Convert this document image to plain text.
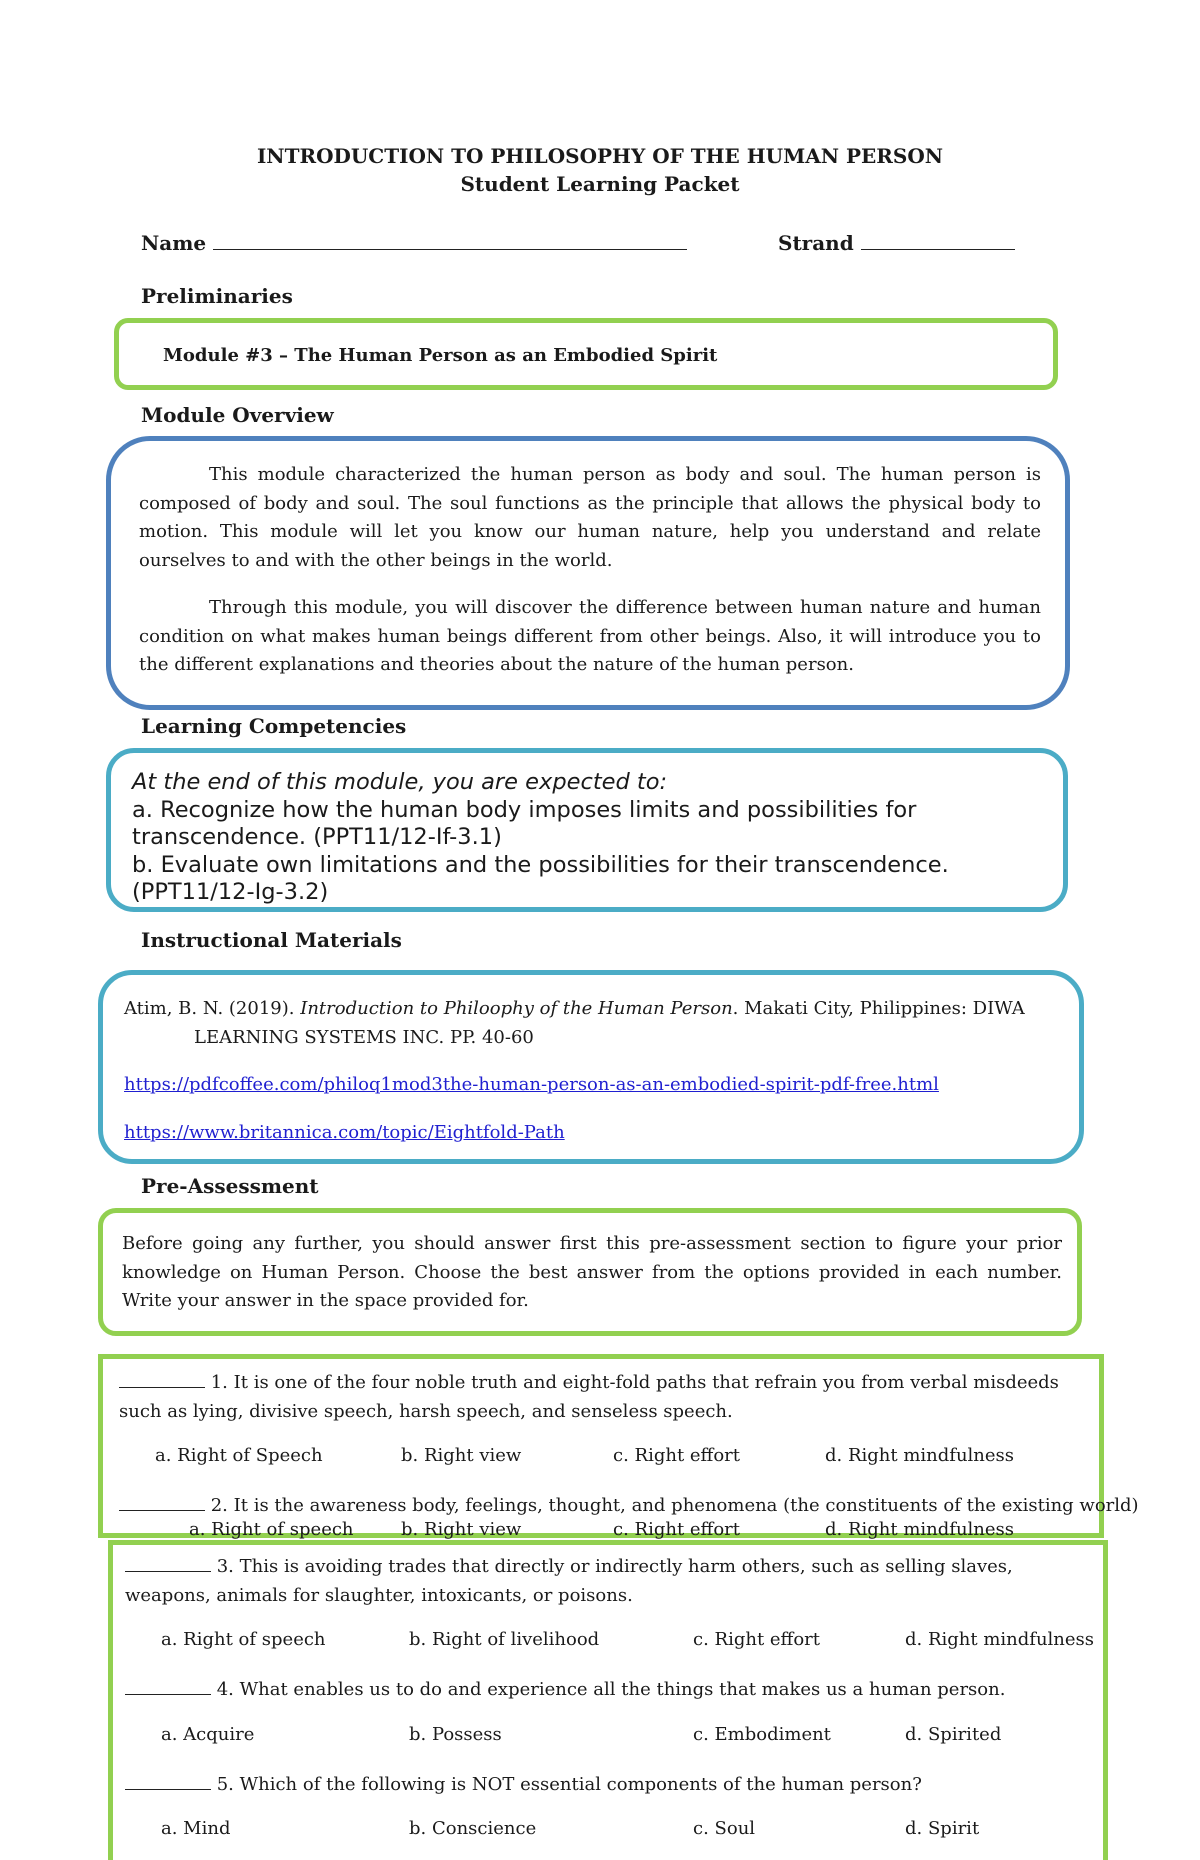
INTRODUCTION TO PHILOSOPHY OF THE HUMAN PERSON
Student Learning Packet
Name	Strand
Preliminaries
Module #3 – The Human Person as an Embodied Spirit
Module Overview

This module characterized the human person as body and soul. The human person is composed of body and soul. The soul functions as the principle that allows the physical body to motion. This module will let you know our human nature, help you understand and relate ourselves to and with the other beings in the world.

Through this module, you will discover the difference between human nature and human condition on what makes human beings different from other beings. Also, it will introduce you to the different explanations and theories about the nature of the human person.

Learning Competencies
At the end of this module, you are expected to:
a. Recognize how the human body imposes limits and possibilities for transcendence. (PPT11/12-If-3.1)
b. Evaluate own limitations and the possibilities for their transcendence. (PPT11/12-Ig-3.2)
Instructional Materials
Atim, B. N. (2019). Introduction to Philoophy of the Human Person. Makati City, Philippines: DIWA
LEARNING SYSTEMS INC. PP. 40-60
https://pdfcoffee.com/philoq1mod3the-human-person-as-an-embodied-spirit-pdf-free.html
https://www.britannica.com/topic/Eightfold-Path
Pre-Assessment

Before going any further, you should answer first this pre-assessment section to figure your prior knowledge on Human Person. Choose the best answer from the options provided in each number. Write your answer in the space provided for.

1. It is one of the four noble truth and eight-fold paths that refrain you from verbal misdeeds such as lying, divisive speech, harsh speech, and senseless speech.

a. Right of Speech	b. Right view	c. Right effort	d. Right mindfulness

2. It is the awareness body, feelings, thought, and phenomena (the constituents of the existing world)

a. Right of speech	b. Right view	c. Right effort	d. Right mindfulness

3. This is avoiding trades that directly or indirectly harm others, such as selling slaves, weapons, animals for slaughter, intoxicants, or poisons.

a. Right of speech	b. Right of livelihood	c. Right effort	d. Right mindfulness

4. What enables us to do and experience all the things that makes us a human person.

a. Acquire	b. Possess	c. Embodiment	d. Spirited

5. Which of the following is NOT essential components of the human person?

a. Mind	b. Conscience	c. Soul	d. Spirit
